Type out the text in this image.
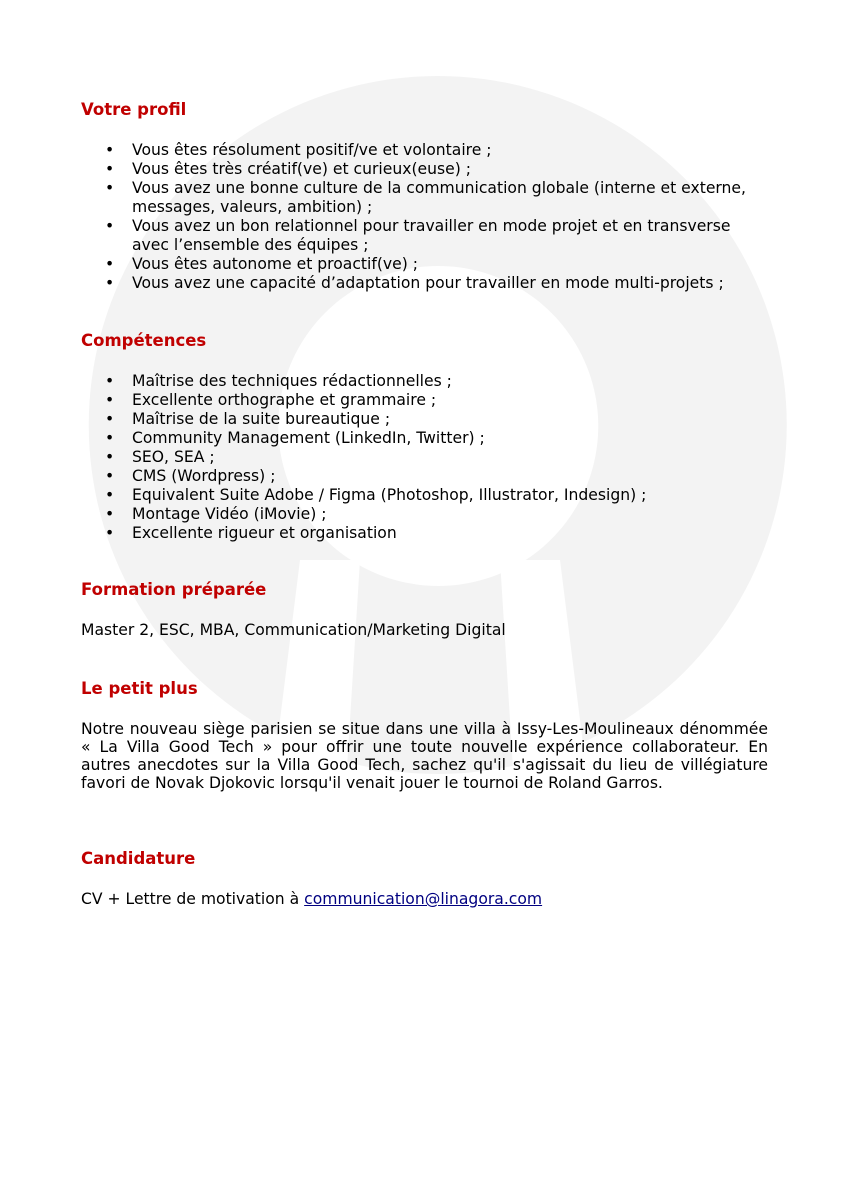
Votre profil
• Vous êtes résolument positif/ve et volontaire ;
• Vous êtes très créatif(ve) et curieux(euse) ;
• Vous avez une bonne culture de la communication globale (interne et externe, messages, valeurs, ambition) ;
• Vous avez un bon relationnel pour travailler en mode projet et en transverse avec l’ensemble des équipes ;
• Vous êtes autonome et proactif(ve) ;
• Vous avez une capacité d’adaptation pour travailler en mode multi-projets ;
Compétences
• Maîtrise des techniques rédactionnelles ;
• Excellente orthographe et grammaire ;
• Maîtrise de la suite bureautique ;
• Community Management (LinkedIn, Twitter) ;
• SEO, SEA ;
• CMS (Wordpress) ;
• Equivalent Suite Adobe / Figma (Photoshop, Illustrator, Indesign) ;
• Montage Vidéo (iMovie) ;
• Excellente rigueur et organisation
Formation préparée
Master 2, ESC, MBA, Communication/Marketing Digital
Le petit plus
Notre nouveau siège parisien se situe dans une villa à Issy-Les-Moulineaux dénommée « La Villa Good Tech » pour offrir une toute nouvelle expérience collaborateur. En autres anecdotes sur la Villa Good Tech, sachez qu'il s'agissait du lieu de villégiature favori de Novak Djokovic lorsqu'il venait jouer le tournoi de Roland Garros.
Candidature
CV + Lettre de motivation à communication@linagora.com
